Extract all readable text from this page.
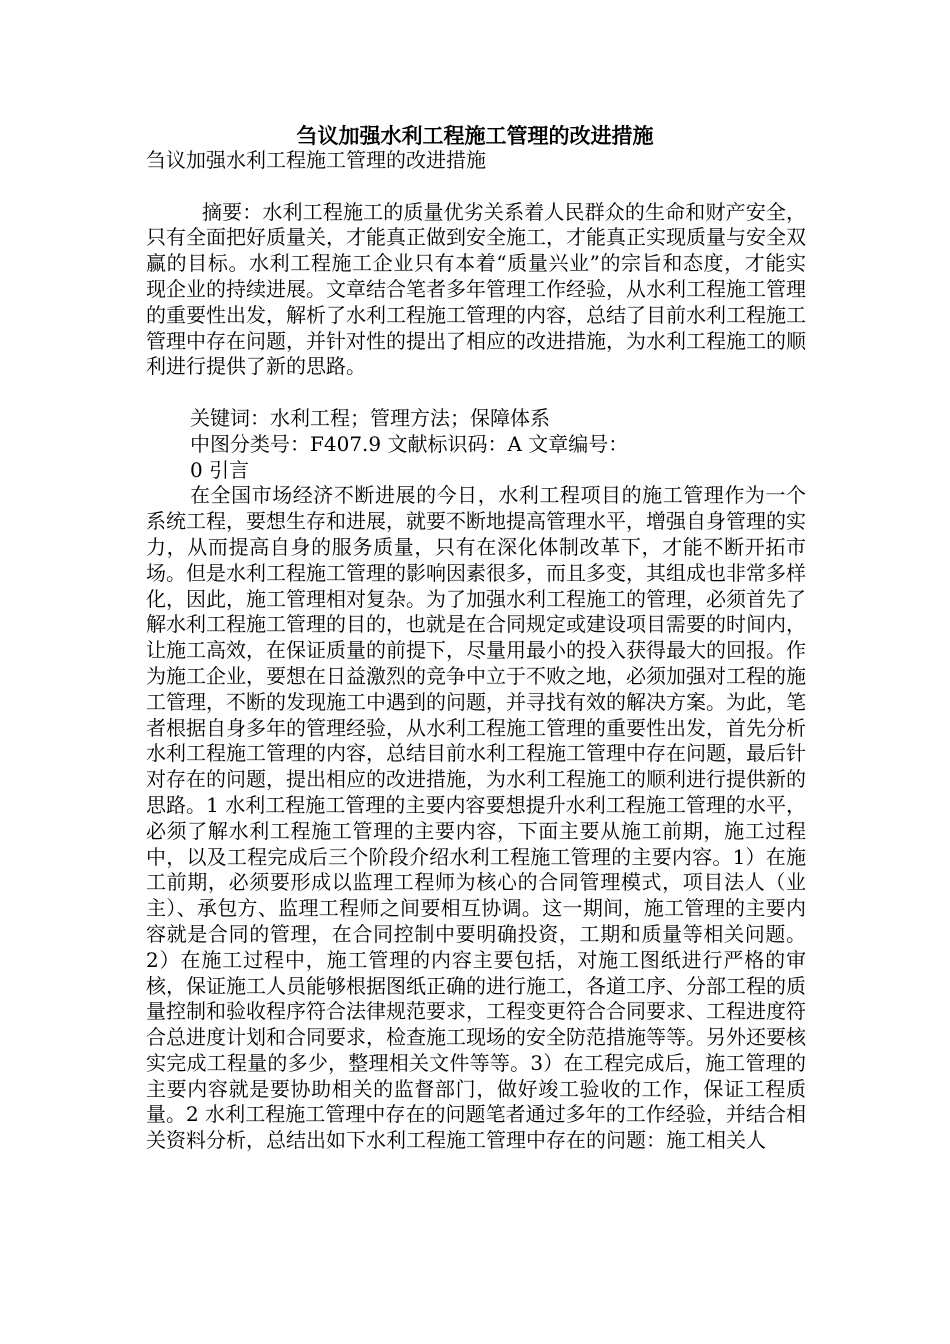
刍议加强水利工程施工管理的改进措施

刍议加强水利工程施工管理的改进措施

摘要：水利工程施工的质量优劣关系着人民群众的生命和财产安全，只有全面把好质量关，才能真正做到安全施工，才能真正实现质量与安全双赢的目标。水利工程施工企业只有本着“质量兴业”的宗旨和态度，才能实现企业的持续进展。文章结合笔者多年管理工作经验，从水利工程施工管理的重要性出发，解析了水利工程施工管理的内容，总结了目前水利工程施工管理中存在问题，并针对性的提出了相应的改进措施，为水利工程施工的顺利进行提供了新的思路。

关键词：水利工程；管理方法；保障体系

中图分类号：F407.9 文献标识码：A 文章编号：

0 引言

在全国市场经济不断进展的今日，水利工程项目的施工管理作为一个系统工程，要想生存和进展，就要不断地提高管理水平，增强自身管理的实力，从而提高自身的服务质量，只有在深化体制改革下，才能不断开拓市场。但是水利工程施工管理的影响因素很多，而且多变，其组成也非常多样化，因此，施工管理相对复杂。为了加强水利工程施工的管理，必须首先了解水利工程施工管理的目的，也就是在合同规定或建设项目需要的时间内，让施工高效，在保证质量的前提下，尽量用最小的投入获得最大的回报。作为施工企业，要想在日益激烈的竞争中立于不败之地，必须加强对工程的施工管理，不断的发现施工中遇到的问题，并寻找有效的解决方案。为此，笔者根据自身多年的管理经验，从水利工程施工管理的重要性出发，首先分析水利工程施工管理的内容，总结目前水利工程施工管理中存在问题，最后针对存在的问题，提出相应的改进措施，为水利工程施工的顺利进行提供新的思路。1 水利工程施工管理的主要内容要想提升水利工程施工管理的水平，必须了解水利工程施工管理的主要内容，下面主要从施工前期，施工过程中，以及工程完成后三个阶段介绍水利工程施工管理的主要内容。1）在施工前期，必须要形成以监理工程师为核心的合同管理模式，项目法人（业主）、承包方、监理工程师之间要相互协调。这一期间，施工管理的主要内容就是合同的管理，在合同控制中要明确投资，工期和质量等相关问题。2）在施工过程中，施工管理的内容主要包括，对施工图纸进行严格的审核，保证施工人员能够根据图纸正确的进行施工，各道工序、分部工程的质量控制和验收程序符合法律规范要求，工程变更符合合同要求、工程进度符合总进度计划和合同要求，检查施工现场的安全防范措施等等。另外还要核实完成工程量的多少，整理相关文件等等。3）在工程完成后，施工管理的主要内容就是要协助相关的监督部门，做好竣工验收的工作，保证工程质量。2 水利工程施工管理中存在的问题笔者通过多年的工作经验，并结合相关资料分析，总结出如下水利工程施工管理中存在的问题：施工相关人
